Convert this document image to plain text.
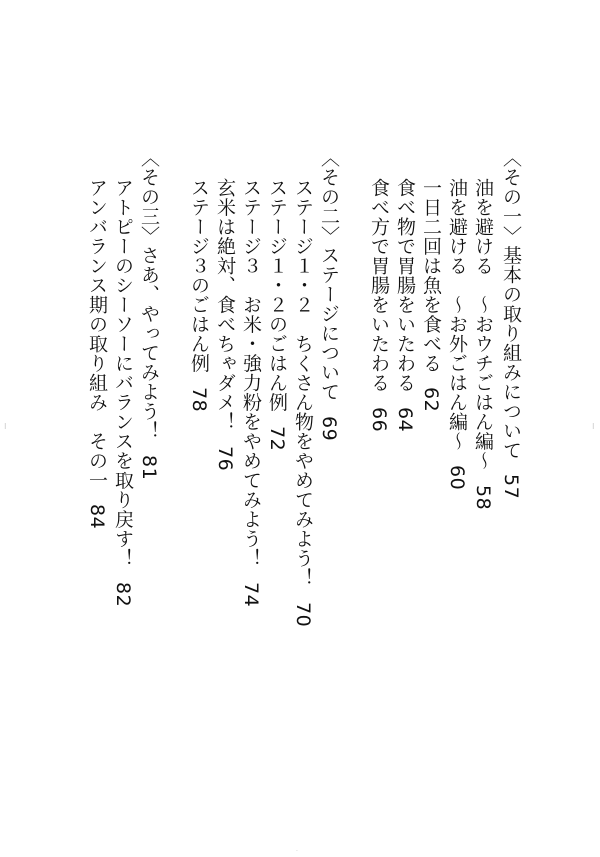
〈その一〉基本の取り組みについて57
油を避ける　～おウチごはん編～58
油を避ける　～お外ごはん編～60
一日二回は魚を食べる62
食べ物で胃腸をいたわる64
食べ方で胃腸をいたわる66
〈その二〉ステージについて69
ステージ１・２　ちくさん物をやめてみよう！70
ステージ１・２のごはん例72
ステージ３　お米・強力粉をやめてみよう！74
玄米は絶対、食べちゃダメ！76
ステージ３のごはん例78
〈その三〉さあ、やってみよう！81
アトピーのシーソーにバランスを取り戻す！82
アンバランス期の取り組み　その一84
⁝	⁝
·
